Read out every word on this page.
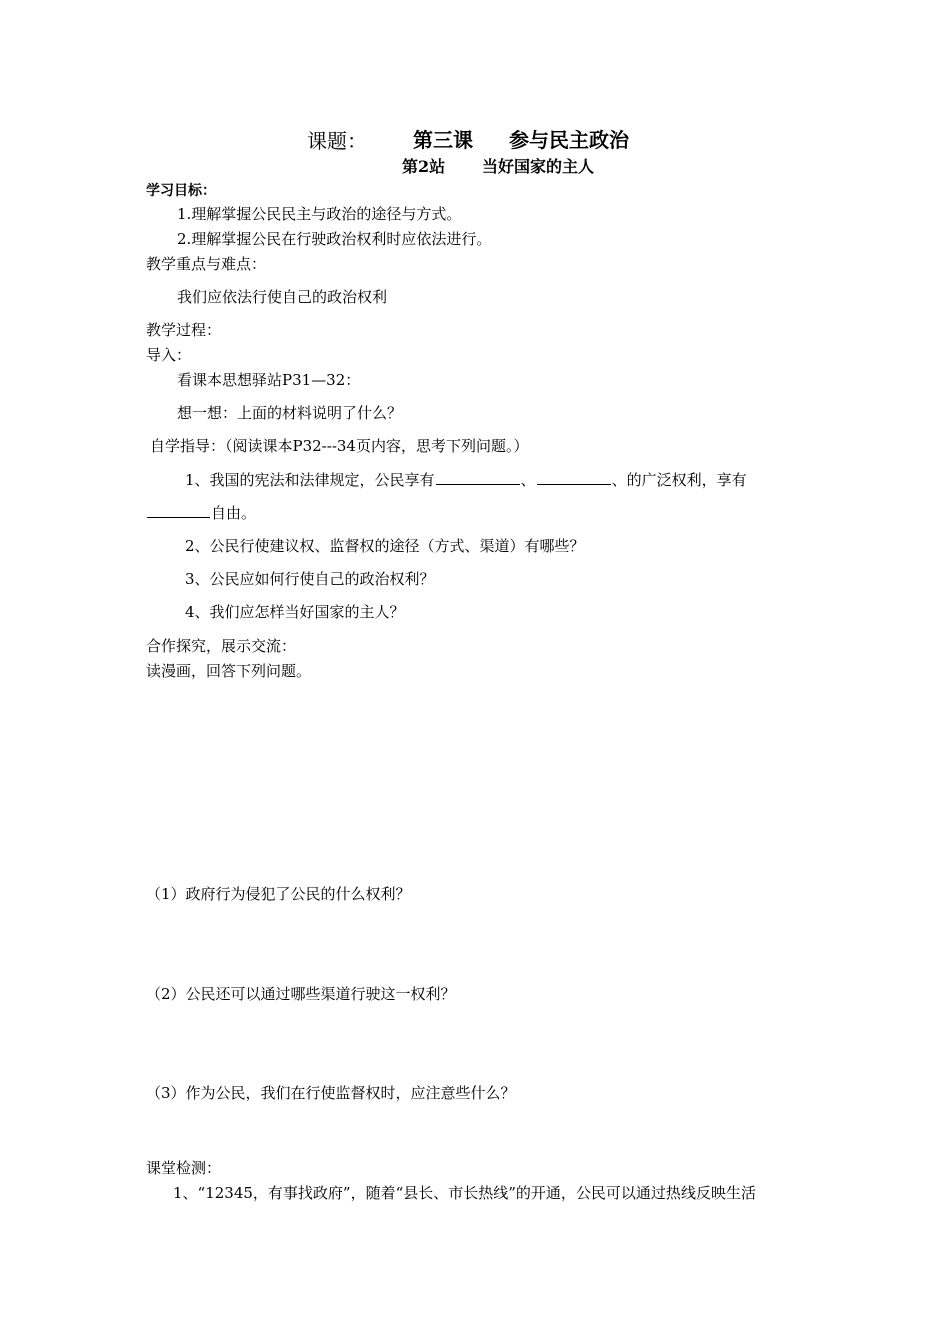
课题： 第三课 参与民主政治
第2站 当好国家的主人
学习目标：
1.理解掌握公民民主与政治的途径与方式。
2.理解掌握公民在行驶政治权利时应依法进行。
教学重点与难点：
我们应依法行使自己的政治权利
教学过程：
导入：
看课本思想驿站P31—32：
想一想：上面的材料说明了什么？
自学指导：（阅读课本P32---34页内容，思考下列问题。）
1、我国的宪法和法律规定，公民享有	、	、的广泛权利，享有
自由。
2、公民行使建议权、监督权的途径（方式、渠道）有哪些？
3、公民应如何行使自己的政治权利？
4、我们应怎样当好国家的主人？
合作探究，展示交流：
读漫画，回答下列问题。
（1）政府行为侵犯了公民的什么权利？
（2）公民还可以通过哪些渠道行驶这一权利？
（3）作为公民，我们在行使监督权时，应注意些什么？
课堂检测：
1、“12345，有事找政府”，随着“县长、市长热线”的开通，公民可以通过热线反映生活
